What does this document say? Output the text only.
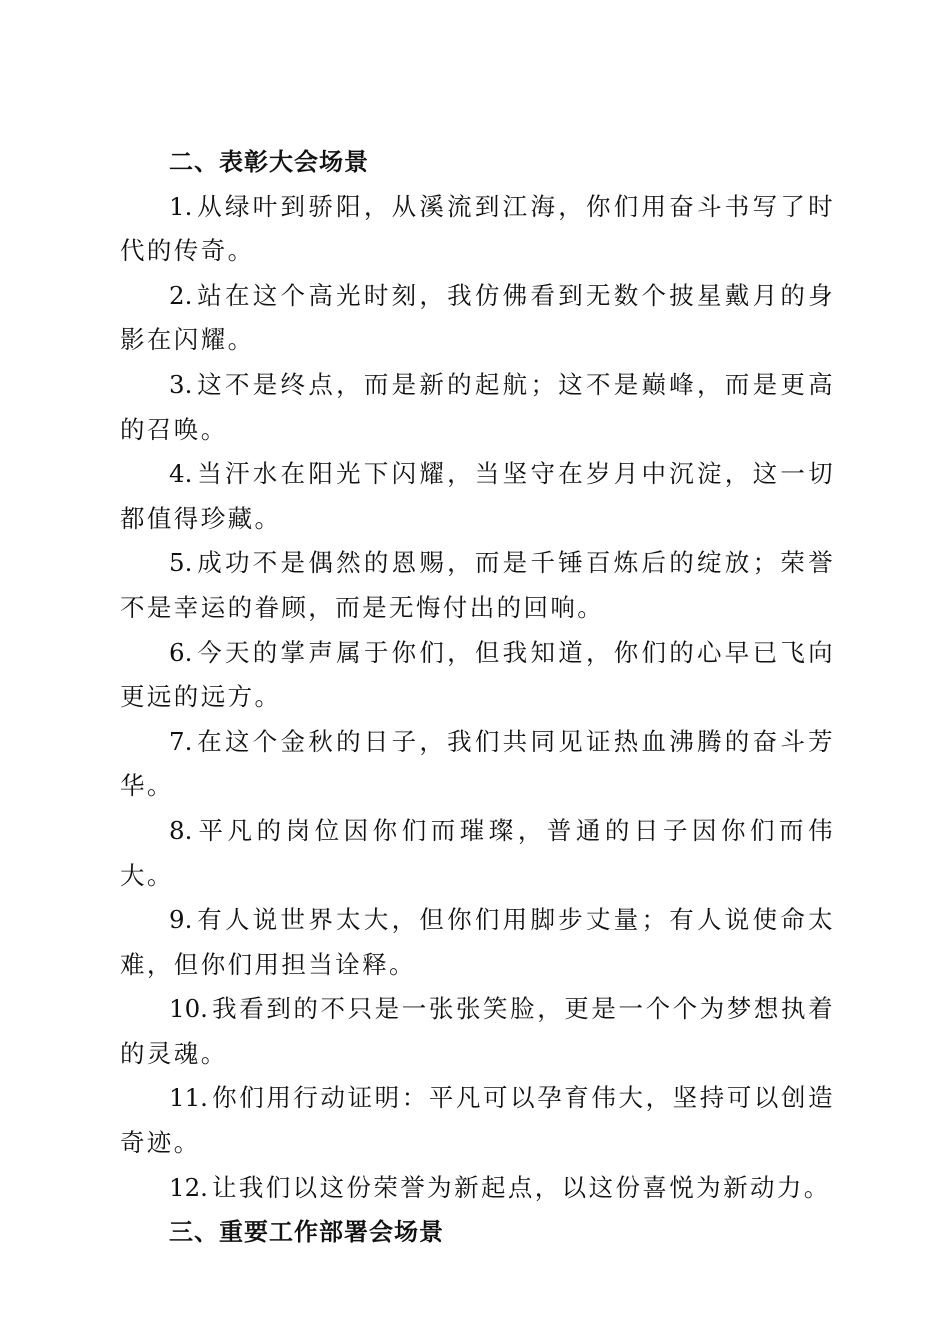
二、表彰大会场景

1. 从绿叶到骄阳，从溪流到江海，你们用奋斗书写了时代的传奇。

2. 站在这个高光时刻，我仿佛看到无数个披星戴月的身影在闪耀。

3. 这不是终点，而是新的起航；这不是巅峰，而是更高的召唤。

4. 当汗水在阳光下闪耀，当坚守在岁月中沉淀，这一切都值得珍藏。

5. 成功不是偶然的恩赐，而是千锤百炼后的绽放；荣誉不是幸运的眷顾，而是无悔付出的回响。

6. 今天的掌声属于你们，但我知道，你们的心早已飞向更远的远方。

7. 在这个金秋的日子，我们共同见证热血沸腾的奋斗芳华。

8. 平凡的岗位因你们而璀璨，普通的日子因你们而伟大。

9. 有人说世界太大，但你们用脚步丈量；有人说使命太难，但你们用担当诠释。

10. 我看到的不只是一张张笑脸，更是一个个为梦想执着的灵魂。

11. 你们用行动证明：平凡可以孕育伟大，坚持可以创造奇迹。

12. 让我们以这份荣誉为新起点，以这份喜悦为新动力。

三、重要工作部署会场景
